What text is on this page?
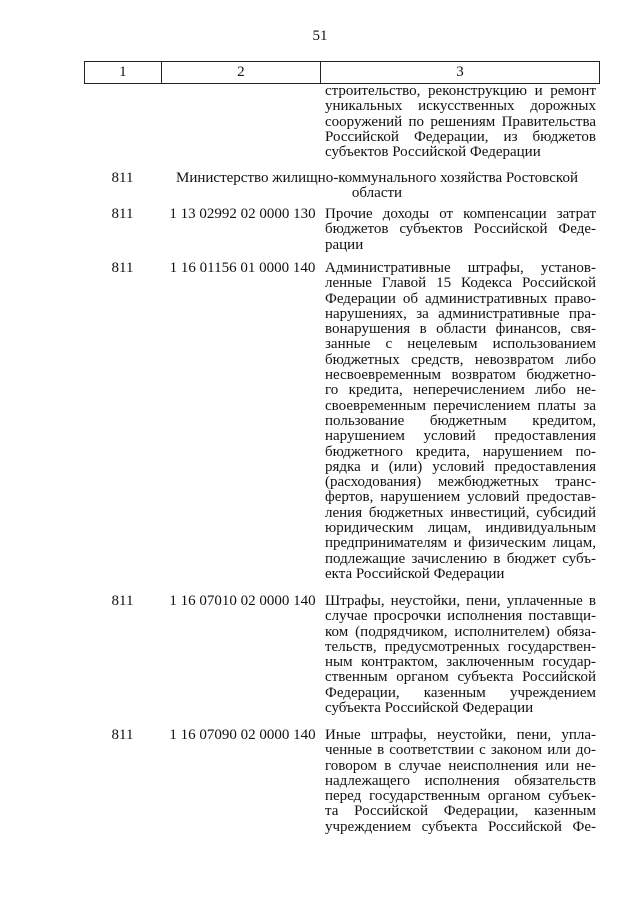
51
1	2	3
строительство, реконструкцию и ремонт
уникальных искусственных дорожных
сооружений по решениям Правительства
Российской Федерации, из бюджетов
субъектов Российской Федерации
811	Министерство жилищно-коммунального хозяйства Ростовской
области
811	1 13 02992 02 0000 130 Прочие доходы от компенсации затрат
бюджетов субъектов Российской Феде-
рации
811	1 16 01156 01 0000 140 Административные штрафы, установ-
ленные Главой 15 Кодекса Российской
Федерации об административных право-
нарушениях, за административные пра-
вонарушения в области финансов, свя-
занные с нецелевым использованием
бюджетных средств, невозвратом либо
несвоевременным возвратом бюджетно-
го кредита, неперечислением либо не-
своевременным перечислением платы за
пользование бюджетным кредитом,
нарушением условий предоставления
бюджетного кредита, нарушением по-
рядка и (или) условий предоставления
(расходования) межбюджетных транс-
фертов, нарушением условий предостав-
ления бюджетных инвестиций, субсидий
юридическим лицам, индивидуальным
предпринимателям и физическим лицам,
подлежащие зачислению в бюджет субъ-
екта Российской Федерации
811	1 16 07010 02 0000 140 Штрафы, неустойки, пени, уплаченные в
случае просрочки исполнения поставщи-
ком (подрядчиком, исполнителем) обяза-
тельств, предусмотренных государствен-
ным контрактом, заключенным государ-
ственным органом субъекта Российской
Федерации, казенным учреждением
субъекта Российской Федерации
811	1 16 07090 02 0000 140 Иные штрафы, неустойки, пени, упла-
ченные в соответствии с законом или до-
говором в случае неисполнения или не-
надлежащего исполнения обязательств
перед государственным органом субъек-
та Российской Федерации, казенным
учреждением субъекта Российской Фе-
